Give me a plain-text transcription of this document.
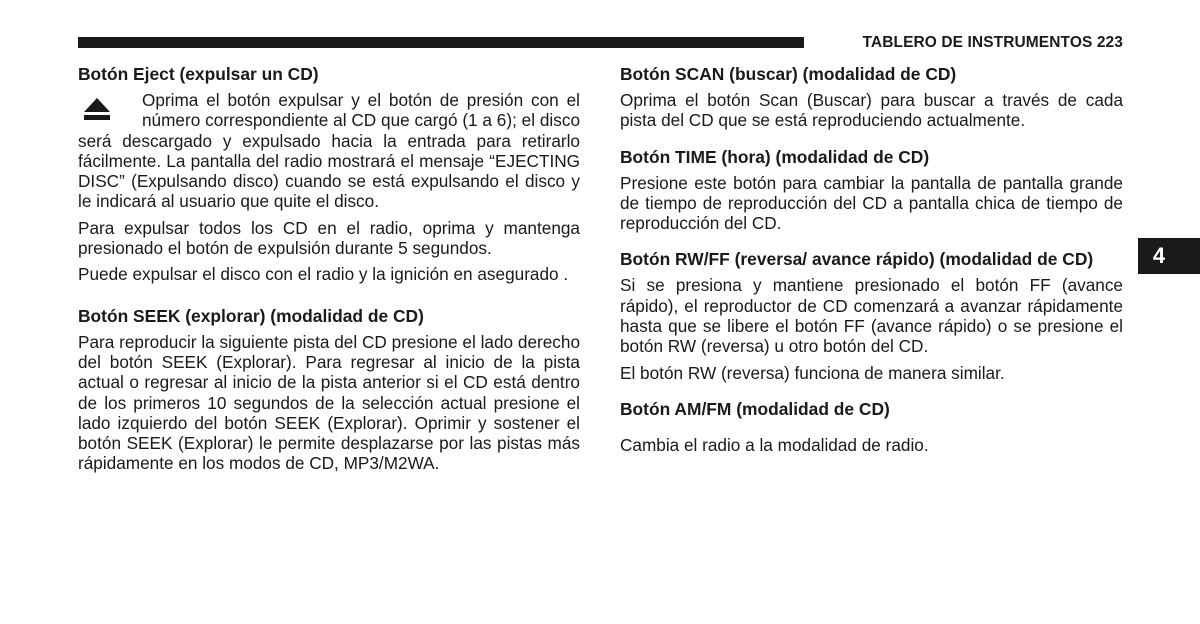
TABLERO DE INSTRUMENTOS 223
Botón Eject (expulsar un CD)

Oprima el botón expulsar y el botón de presión con el número correspondiente al CD que cargó (1 a 6); el disco será descargado y expulsado hacia la entrada para retirarlo fácilmente. La pantalla del radio mostrará el mensaje “EJECTING DISC” (Expulsando disco) cuando se está expulsando el disco y le indicará al usuario que quite el disco.

Para expulsar todos los CD en el radio, oprima y mantenga presionado el botón de expulsión durante 5 segundos.

Puede expulsar el disco con el radio y la ignición en asegurado .

Botón SEEK (explorar) (modalidad de CD)

Para reproducir la siguiente pista del CD presione el lado derecho del botón SEEK (Explorar). Para regresar al inicio de la pista actual o regresar al inicio de la pista anterior si el CD está dentro de los primeros 10 segundos de la selección actual presione el lado izquierdo del botón SEEK (Explorar). Oprimir y sostener el botón SEEK (Explorar) le permite desplazarse por las pistas más rápidamente en los modos de CD, MP3/M2WA.

Botón SCAN (buscar) (modalidad de CD)

Oprima el botón Scan (Buscar) para buscar a través de cada pista del CD que se está reproduciendo actualmente.

Botón TIME (hora) (modalidad de CD)

Presione este botón para cambiar la pantalla de pantalla grande de tiempo de reproducción del CD a pantalla chica de tiempo de reproducción del CD.

Botón RW/FF (reversa/ avance rápido) (modalidad de CD)

Si se presiona y mantiene presionado el botón FF (avance rápido), el reproductor de CD comenzará a avanzar rápidamente hasta que se libere el botón FF (avance rápido) o se presione el botón RW (reversa) u otro botón del CD.

El botón RW (reversa) funciona de manera similar.

Botón AM/FM (modalidad de CD)

Cambia el radio a la modalidad de radio.

4
